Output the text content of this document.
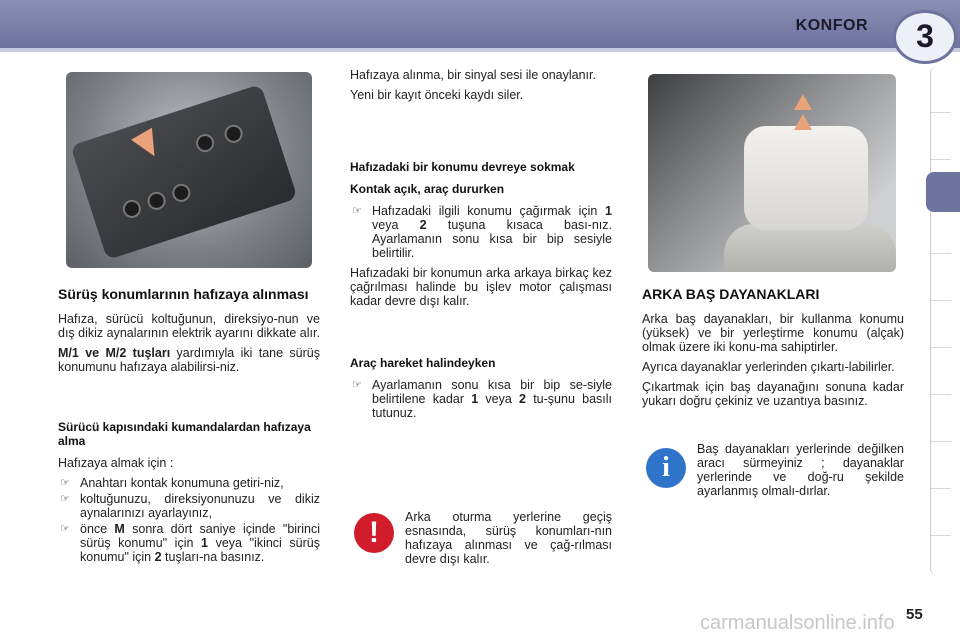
KONFOR	3
Sürüş konumlarının hafızaya alınması

Hafıza, sürücü koltuğunun, direksiyo-nun ve dış dikiz aynalarının elektrik ayarını dikkate alır.

M/1 ve M/2 tuşları yardımıyla iki tane sürüş konumunu hafızaya alabilirsi-niz.

Sürücü kapısındaki kumandalardan hafızaya alma

Hafızaya almak için :

☞ Anahtarı kontak konumuna getiri-niz,
☞ koltuğunuzu, direksiyonunuzu ve dikiz aynalarınızı ayarlayınız,
☞ önce M sonra dört saniye içinde "birinci sürüş konumu" için 1 veya "ikinci sürüş konumu" için 2 tuşları-na basınız.

Hafızaya alınma, bir sinyal sesi ile onaylanır.

Yeni bir kayıt önceki kaydı siler.

Hafızadaki bir konumu devreye sokmak
Kontak açık, araç dururken
☞ Hafızadaki ilgili konumu çağırmak için 1 veya 2 tuşuna kısaca bası-nız. Ayarlamanın sonu kısa bir bip sesiyle belirtilir.

Hafızadaki bir konumun arka arkaya birkaç kez çağrılması halinde bu işlev motor çalışması kadar devre dışı kalır.

Araç hareket halindeyken
☞ Ayarlamanın sonu kısa bir bip se-siyle belirtilene kadar 1 veya 2 tu-şunu basılı tutunuz.
!	Arka oturma yerlerine geçiş esnasında, sürüş konumları-nın hafızaya alınması ve çağ-rılması devre dışı kalır.

ARKA BAŞ DAYANAKLARI

Arka baş dayanakları, bir kullanma konumu (yüksek) ve bir yerleştirme konumu (alçak) olmak üzere iki konu-ma sahiptirler.

Ayrıca dayanaklar yerlerinden çıkartı-labilirler.

Çıkartmak için baş dayanağını sonuna kadar yukarı doğru çekiniz ve uzantıya basınız.

i

Baş dayanakları yerlerinde değilken aracı sürmeyiniz ; dayanaklar yerlerinde ve doğ-ru şekilde ayarlanmış olmalı-dırlar.

carmanualsonline.info 55
